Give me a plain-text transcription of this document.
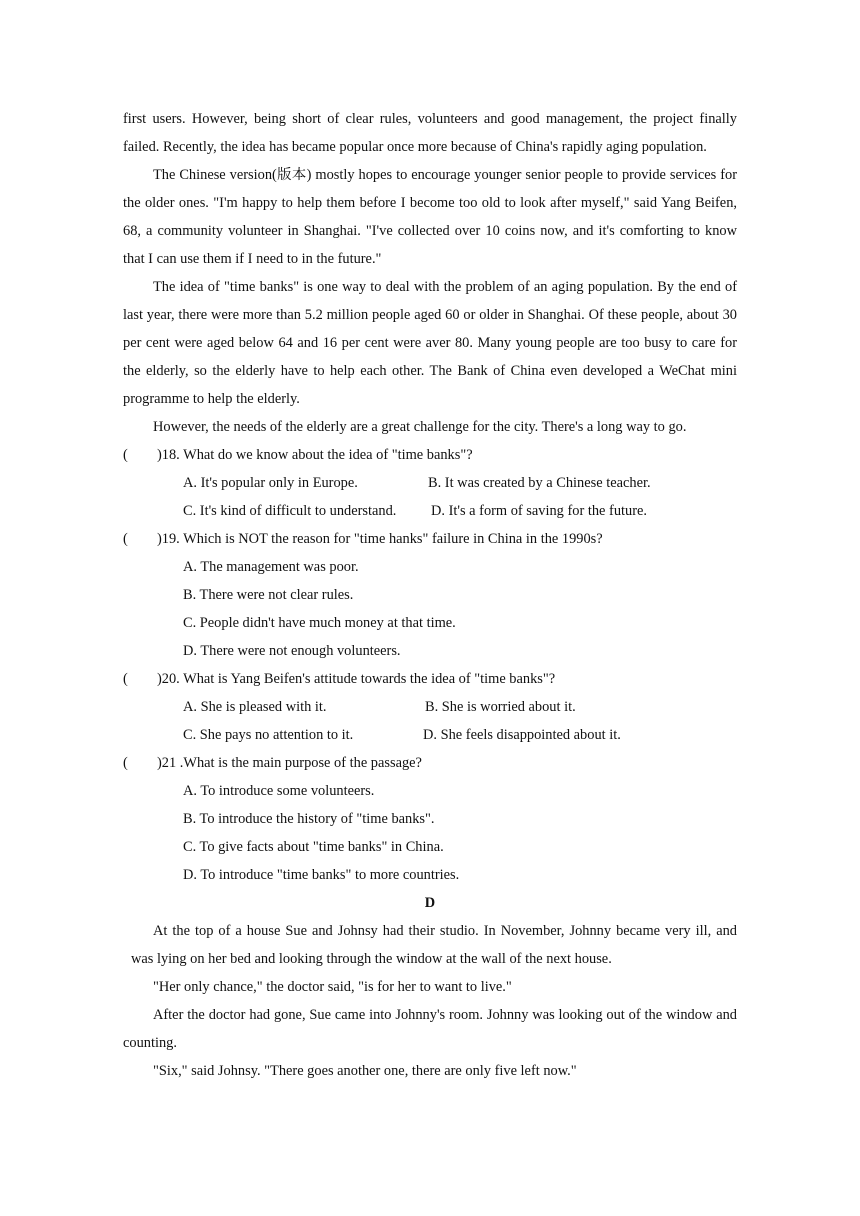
first users. However, being short of clear rules, volunteers and good management, the project finally failed. Recently, the idea has became popular once more because of China's rapidly aging population.

The Chinese version(版本) mostly hopes to encourage younger senior people to provide services for the older ones. "I'm happy to help them before I become too old to look after myself," said Yang Beifen, 68, a community volunteer in Shanghai. "I've collected over 10 coins now, and it's comforting to know that I can use them if I need to in the future."

The idea of "time banks" is one way to deal with the problem of an aging population. By the end of last year, there were more than 5.2 million people aged 60 or older in Shanghai. Of these people, about 30 per cent were aged below 64 and 16 per cent were aver 80. Many young people are too busy to care for the elderly, so the elderly have to help each other. The Bank of China even developed a WeChat mini programme to help the elderly.

However, the needs of the elderly are a great challenge for the city. There's a long way to go.

( )18. What do we know about the idea of "time banks"?

A. It's popular only in Europe.	B. It was created by a Chinese teacher.

C. It's kind of difficult to understand.	D. It's a form of saving for the future.

( )19. Which is NOT the reason for "time hanks" failure in China in the 1990s?

A. The management was poor.

B. There were not clear rules.

C. People didn't have much money at that time.

D. There were not enough volunteers.

( )20. What is Yang Beifen's attitude towards the idea of "time banks"?

A. She is pleased with it.	B. She is worried about it.

C. She pays no attention to it.	D. She feels disappointed about it.

( )21 .What is the main purpose of the passage?

A. To introduce some volunteers.

B. To introduce the history of "time banks".

C. To give facts about "time banks" in China.

D. To introduce "time banks" to more countries.

D

At the top of a house Sue and Johnsy had their studio. In November, Johnny became very ill, and was lying on her bed and looking through the window at the wall of the next house.

"Her only chance," the doctor said, "is for her to want to live."

After the doctor had gone, Sue came into Johnny's room. Johnny was looking out of the window and counting.

"Six," said Johnsy. "There goes another one, there are only five left now."
